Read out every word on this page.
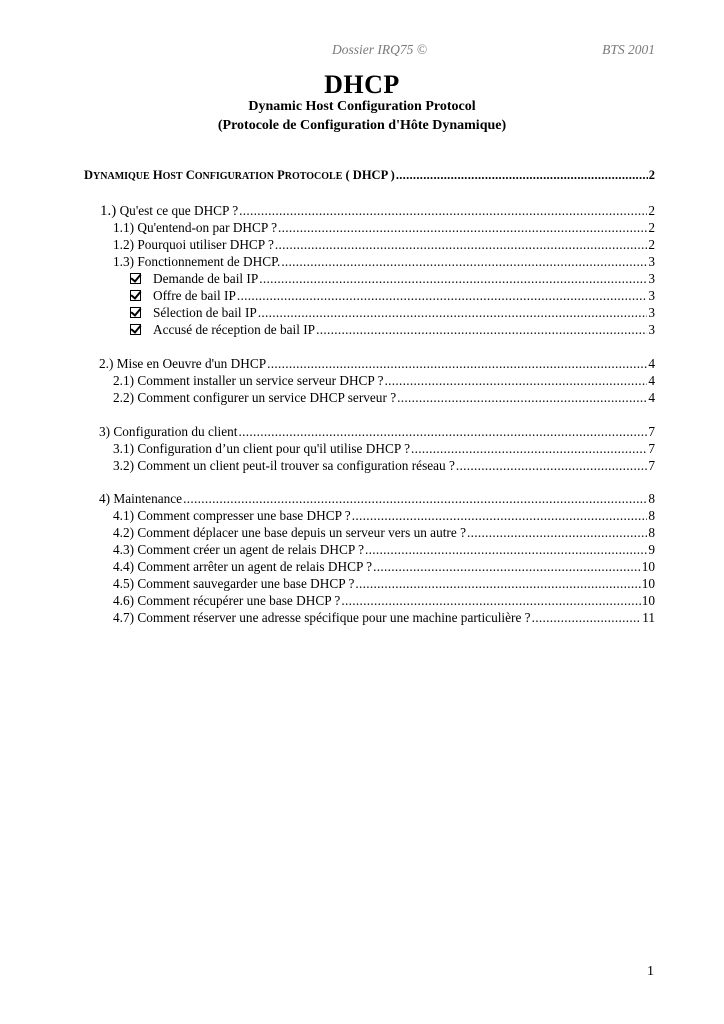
Dossier IRQ75 ©	BTS 2001
DHCP
Dynamic Host Configuration Protocol
(Protocole de Configuration d'Hôte Dynamique)
DYNAMIQUE HOST CONFIGURATION PROTOCOLE ( DHCP ) .....	2
1.) Qu'est ce que DHCP ? .....	2
1.1) Qu'entend-on par DHCP ? .....	2
1.2) Pourquoi utiliser DHCP ? .....	2
1.3) Fonctionnement de DHCP. .....	3
Demande de bail IP .....	3
Offre de bail IP .....	3
Sélection de bail IP .....	3
Accusé de réception de bail IP .....	3
2.) Mise en Oeuvre d'un DHCP .....	4
2.1) Comment installer un service serveur DHCP ? .....	4
2.2) Comment configurer un service DHCP serveur ? .....	4
3) Configuration du client .....	7
3.1) Configuration d’un client pour qu'il utilise DHCP ? .....	7
3.2) Comment un client peut-il trouver sa configuration réseau ? .....	7
4) Maintenance .....	8
4.1) Comment compresser une base DHCP ? .....	8
4.2) Comment déplacer une base depuis un serveur vers un autre ? .....	8
4.3) Comment créer un agent de relais DHCP ? .....	9
4.4) Comment arrêter un agent de relais DHCP ? .....	10
4.5) Comment sauvegarder une base DHCP ? .....	10
4.6) Comment récupérer une base DHCP ? .....	10
4.7) Comment réserver une adresse spécifique pour une machine particulière ? .....	11
1
